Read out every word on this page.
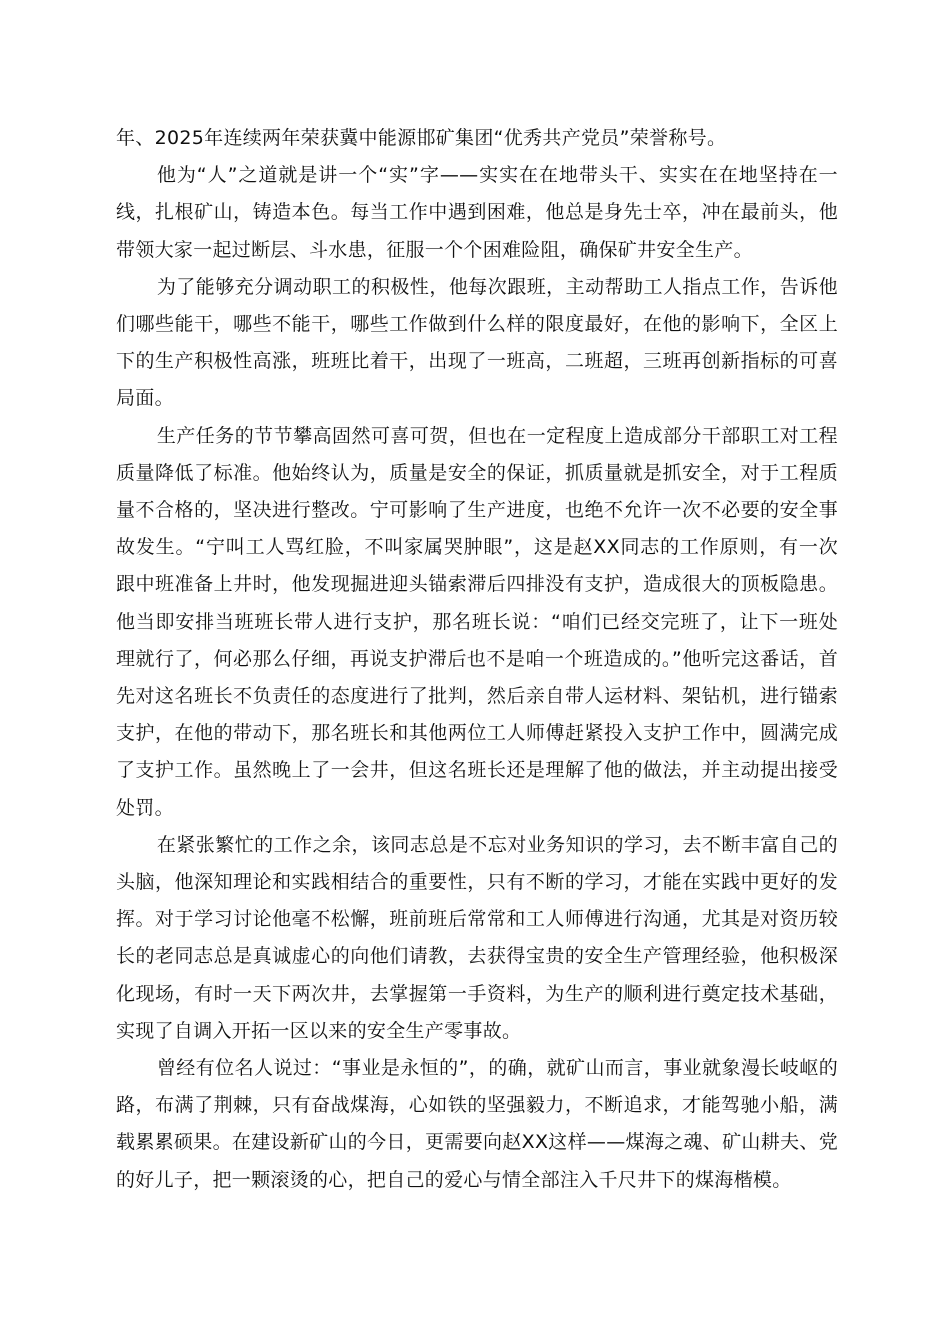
年、2025年连续两年荣获冀中能源邯矿集团“优秀共产党员”荣誉称号。

他为“人”之道就是讲一个“实”字——实实在在地带头干、实实在在地坚持在一线，扎根矿山，铸造本色。每当工作中遇到困难，他总是身先士卒，冲在最前头，他带领大家一起过断层、斗水患，征服一个个困难险阻，确保矿井安全生产。

为了能够充分调动职工的积极性，他每次跟班，主动帮助工人指点工作，告诉他们哪些能干，哪些不能干，哪些工作做到什么样的限度最好，在他的影响下，全区上下的生产积极性高涨，班班比着干，出现了一班高，二班超，三班再创新指标的可喜局面。

生产任务的节节攀高固然可喜可贺，但也在一定程度上造成部分干部职工对工程质量降低了标准。他始终认为，质量是安全的保证，抓质量就是抓安全，对于工程质量不合格的，坚决进行整改。宁可影响了生产进度，也绝不允许一次不必要的安全事故发生。“宁叫工人骂红脸，不叫家属哭肿眼”，这是赵XX同志的工作原则，有一次跟中班准备上井时，他发现掘进迎头锚索滞后四排没有支护，造成很大的顶板隐患。他当即安排当班班长带人进行支护，那名班长说：“咱们已经交完班了，让下一班处理就行了，何必那么仔细，再说支护滞后也不是咱一个班造成的。”他听完这番话，首先对这名班长不负责任的态度进行了批判，然后亲自带人运材料、架钻机，进行锚索支护，在他的带动下，那名班长和其他两位工人师傅赶紧投入支护工作中，圆满完成了支护工作。虽然晚上了一会井，但这名班长还是理解了他的做法，并主动提出接受处罚。

在紧张繁忙的工作之余，该同志总是不忘对业务知识的学习，去不断丰富自己的头脑，他深知理论和实践相结合的重要性，只有不断的学习，才能在实践中更好的发挥。对于学习讨论他毫不松懈，班前班后常常和工人师傅进行沟通，尤其是对资历较长的老同志总是真诚虚心的向他们请教，去获得宝贵的安全生产管理经验，他积极深化现场，有时一天下两次井，去掌握第一手资料，为生产的顺利进行奠定技术基础，实现了自调入开拓一区以来的安全生产零事故。

曾经有位名人说过：“事业是永恒的”，的确，就矿山而言，事业就象漫长岐岖的路，布满了荆棘，只有奋战煤海，心如铁的坚强毅力，不断追求，才能驾驰小船，满载累累硕果。在建设新矿山的今日，更需要向赵XX这样——煤海之魂、矿山耕夫、党的好儿子，把一颗滚烫的心，把自己的爱心与情全部注入千尺井下的煤海楷模。
